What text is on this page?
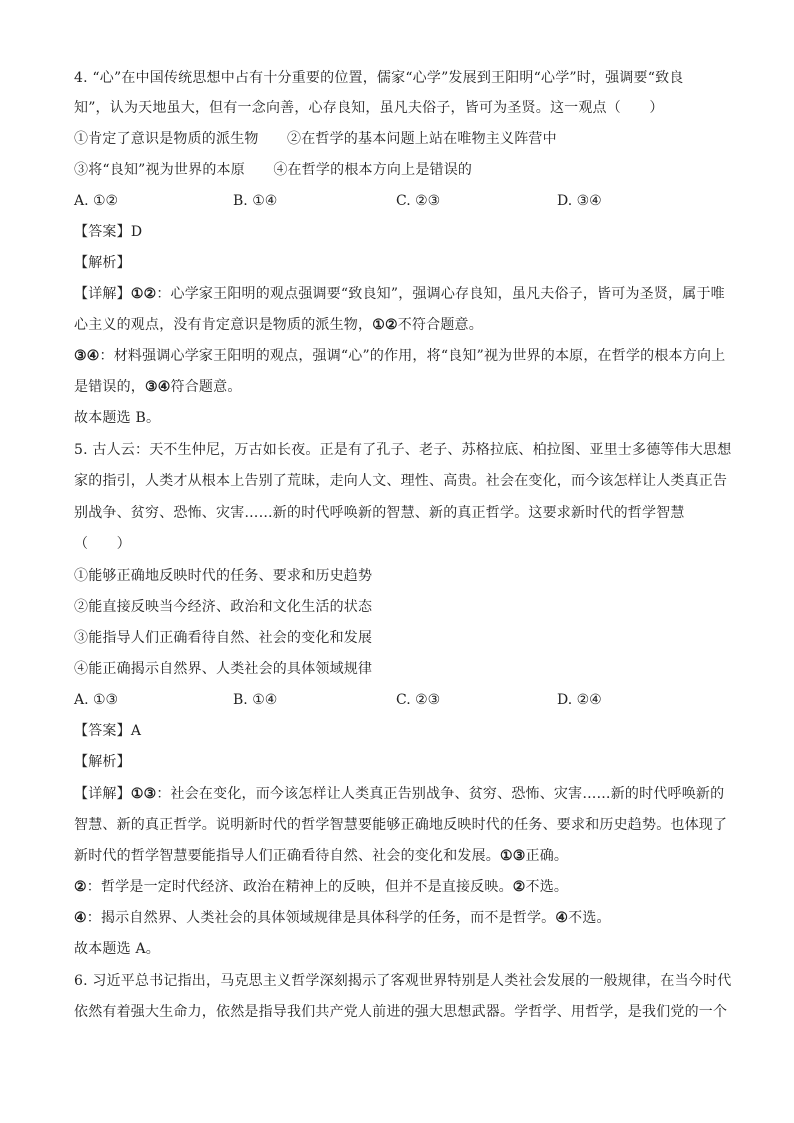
4. “心”在中国传统思想中占有十分重要的位置，儒家“心学”发展到王阳明“心学”时，强调要“致良
知”，认为天地虽大，但有一念向善，心存良知，虽凡夫俗子，皆可为圣贤。这一观点（　　）
①肯定了意识是物质的派生物　　②在哲学的基本问题上站在唯物主义阵营中
③将“良知”视为世界的本原　　④在哲学的根本方向上是错误的
A. ①②	B. ①④	C. ②③	D. ③④
【答案】D
【解析】
【详解】①②：心学家王阳明的观点强调要“致良知”，强调心存良知，虽凡夫俗子，皆可为圣贤，属于唯
心主义的观点，没有肯定意识是物质的派生物，①②不符合题意。
③④：材料强调心学家王阳明的观点，强调“心”的作用，将“良知”视为世界的本原，在哲学的根本方向上
是错误的，③④符合题意。
故本题选 B。
5. 古人云：天不生仲尼，万古如长夜。正是有了孔子、老子、苏格拉底、柏拉图、亚里士多德等伟大思想
家的指引，人类才从根本上告别了荒昧，走向人文、理性、高贵。社会在变化，而今该怎样让人类真正告
别战争、贫穷、恐怖、灾害……新的时代呼唤新的智慧、新的真正哲学。这要求新时代的哲学智慧
（　　）
①能够正确地反映时代的任务、要求和历史趋势
②能直接反映当今经济、政治和文化生活的状态
③能指导人们正确看待自然、社会的变化和发展
④能正确揭示自然界、人类社会的具体领域规律
A. ①③	B. ①④	C. ②③	D. ②④
【答案】A
【解析】
【详解】①③：社会在变化，而今该怎样让人类真正告别战争、贫穷、恐怖、灾害……新的时代呼唤新的
智慧、新的真正哲学。说明新时代的哲学智慧要能够正确地反映时代的任务、要求和历史趋势。也体现了
新时代的哲学智慧要能指导人们正确看待自然、社会的变化和发展。①③正确。
②：哲学是一定时代经济、政治在精神上的反映，但并不是直接反映。②不选。
④：揭示自然界、人类社会的具体领域规律是具体科学的任务，而不是哲学。④不选。
故本题选 A。
6. 习近平总书记指出，马克思主义哲学深刻揭示了客观世界特别是人类社会发展的一般规律，在当今时代
依然有着强大生命力，依然是指导我们共产党人前进的强大思想武器。学哲学、用哲学，是我们党的一个
